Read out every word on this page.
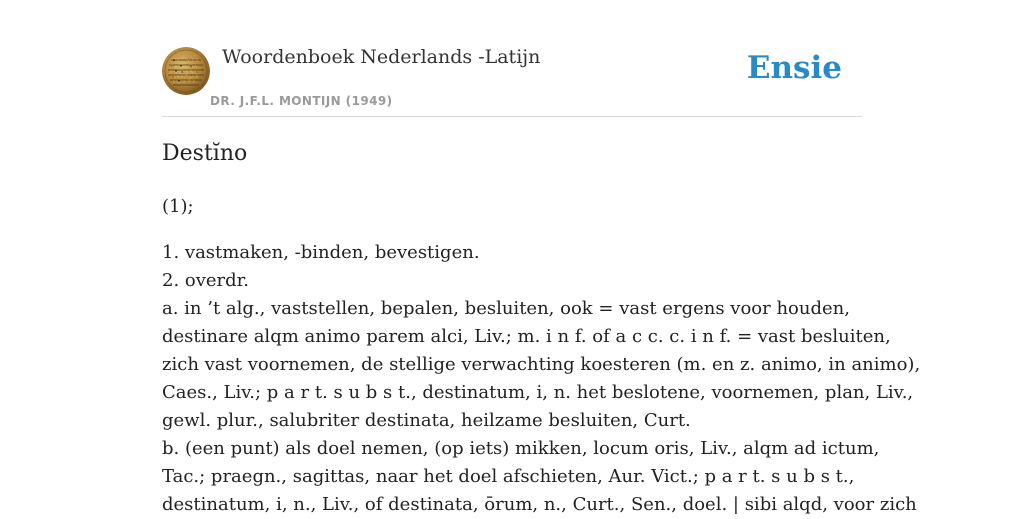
Woordenboek Nederlands -Latijn
DR. J.F.L. MONTIJN (1949)
Ensie
Destĭno
(1);
1. vastmaken, -binden, bevestigen.
2. overdr.
a. in ’t alg., vaststellen, bepalen, besluiten, ook = vast ergens voor houden,
destinare alqm animo parem alci, Liv.; m. i n f. of a c c. c. i n f. = vast besluiten,
zich vast voornemen, de stellige verwachting koesteren (m. en z. animo, in animo),
Caes., Liv.; p a r t. s u b s t., destinatum, i, n. het beslotene, voornemen, plan, Liv.,
gewl. plur., salubriter destinata, heilzame besluiten, Curt.
b. (een punt) als doel nemen, (op iets) mikken, locum oris, Liv., alqm ad ictum,
Tac.; praegn., sagittas, naar het doel afschieten, Aur. Vict.; p a r t. s u b s t.,
destinatum, i, n., Liv., of destinata, ōrum, n., Curt., Sen., doel. | sibi alqd, voor zich
